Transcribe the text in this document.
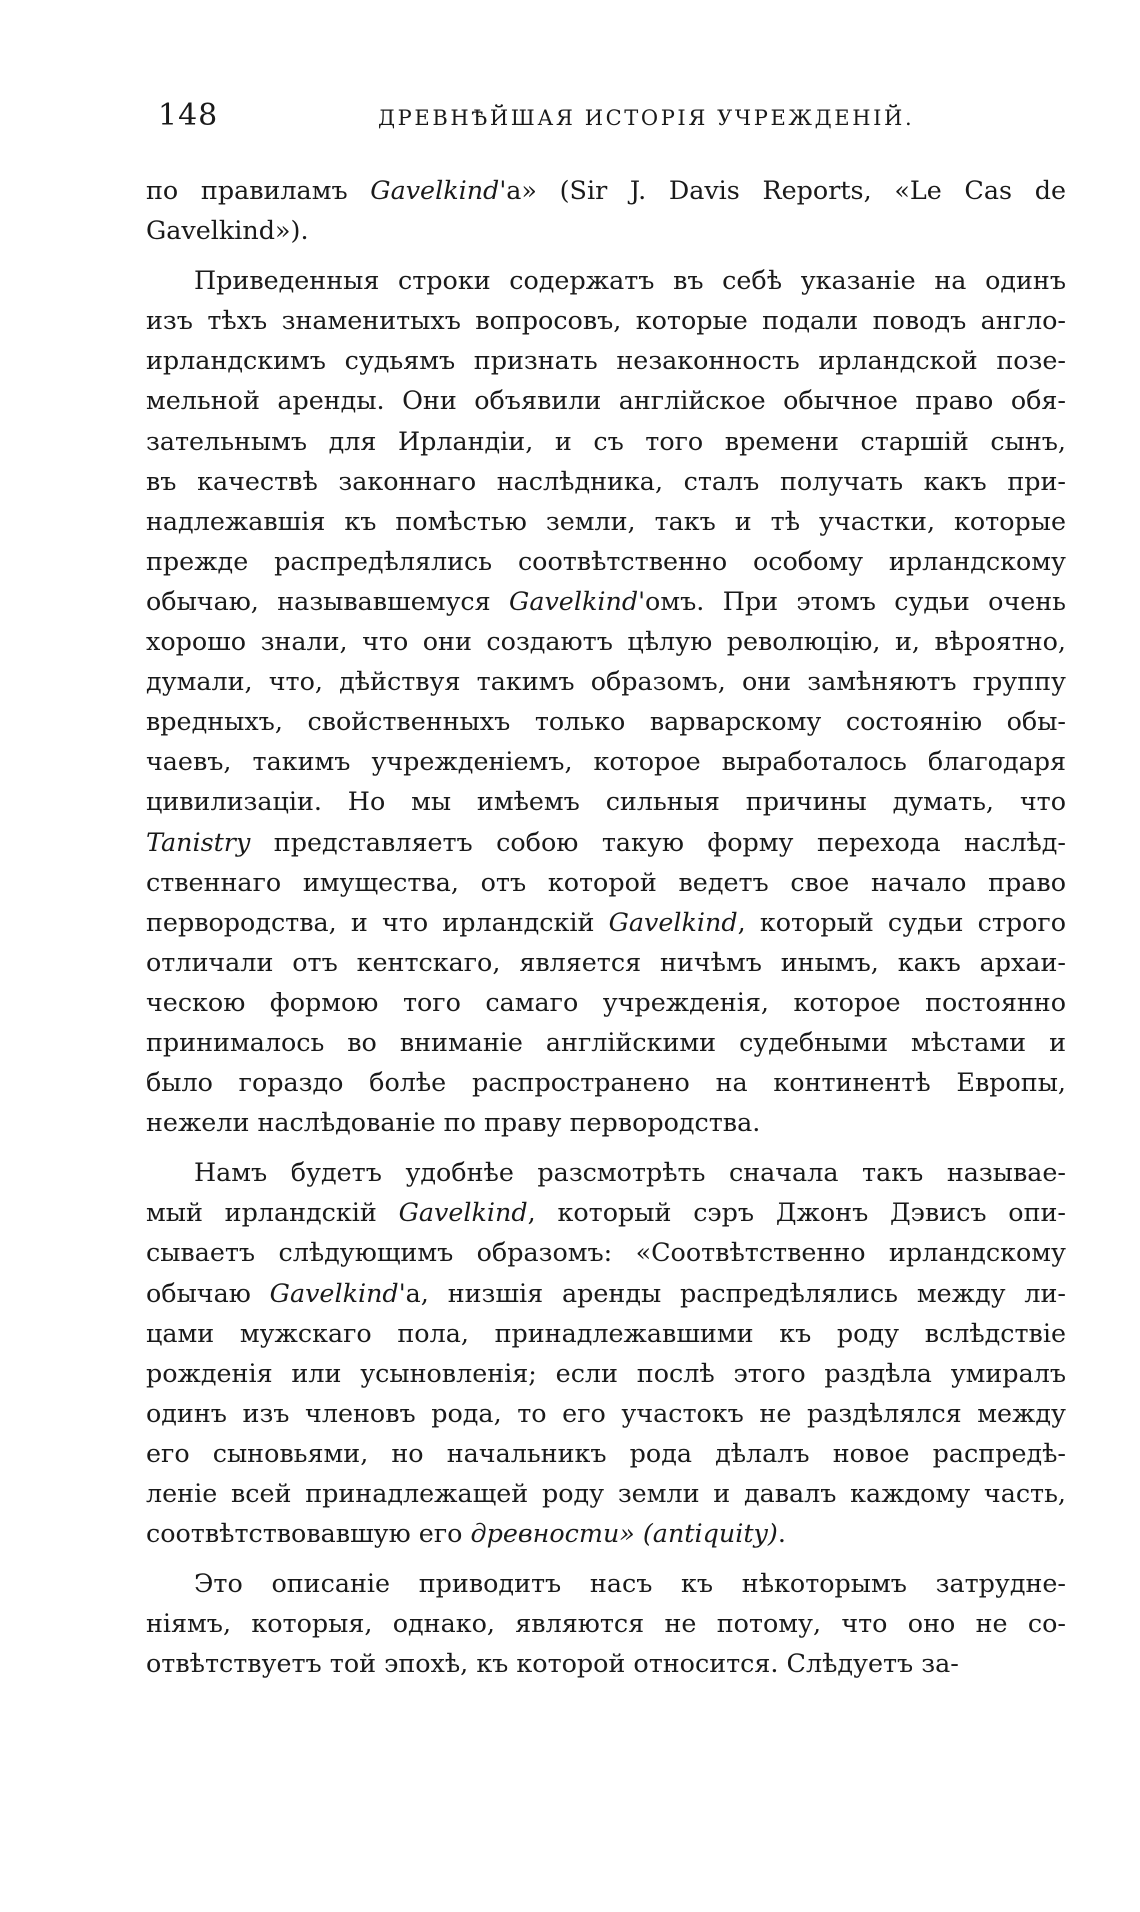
148	ДРЕВНѢЙШАЯ ИСТОРІЯ УЧРЕЖДЕНІЙ.
по правиламъ Gavelkind'а» (Sir J. Davis Reports, «Le Cas de
Gavelkind»).
Приведенныя строки содержатъ въ себѣ указаніе на одинъ
изъ тѣхъ знаменитыхъ вопросовъ, которые подали поводъ англо-
ирландскимъ судьямъ признать незаконность ирландской позе-
мельной аренды. Они объявили англійское обычное право обя-
зательнымъ для Ирландіи, и съ того времени старшій сынъ,
въ качествѣ законнаго наслѣдника, сталъ получать какъ при-
надлежавшія къ помѣстью земли, такъ и тѣ участки, которые
прежде распредѣлялись соотвѣтственно особому ирландскому
обычаю, называвшемуся Gavelkind'омъ. При этомъ судьи очень
хорошо знали, что они создаютъ цѣлую революцію, и, вѣроятно,
думали, что, дѣйствуя такимъ образомъ, они замѣняютъ группу
вредныхъ, свойственныхъ только варварскому состоянію обы-
чаевъ, такимъ учрежденіемъ, которое выработалось благодаря
цивилизаціи. Но мы имѣемъ сильныя причины думать, что
Tanistry представляетъ собою такую форму перехода наслѣд-
ственнаго имущества, отъ которой ведетъ свое начало право
первородства, и что ирландскій Gavelkind, который судьи строго
отличали отъ кентскаго, является ничѣмъ инымъ, какъ архаи-
ческою формою того самаго учрежденія, которое постоянно
принималось во вниманіе англійскими судебными мѣстами и
было гораздо болѣе распространено на континентѣ Европы,
нежели наслѣдованіе по праву первородства.
Намъ будетъ удобнѣе разсмотрѣть сначала такъ называе-
мый ирландскій Gavelkind, который сэръ Джонъ Дэвисъ опи-
сываетъ слѣдующимъ образомъ: «Соотвѣтственно ирландскому
обычаю Gavelkind'а, низшія аренды распредѣлялись между ли-
цами мужскаго пола, принадлежавшими къ роду вслѣдствіе
рожденія или усыновленія; если послѣ этого раздѣла умиралъ
одинъ изъ членовъ рода, то его участокъ не раздѣлялся между
его сыновьями, но начальникъ рода дѣлалъ новое распредѣ-
леніе всей принадлежащей роду земли и давалъ каждому часть,
соотвѣтствовавшую его древности» (antiquity).
Это описаніе приводитъ насъ къ нѣкоторымъ затрудне-
ніямъ, которыя, однако, являются не потому, что оно не со-
отвѣтствуетъ той эпохѣ, къ которой относится. Слѣдуетъ за-
